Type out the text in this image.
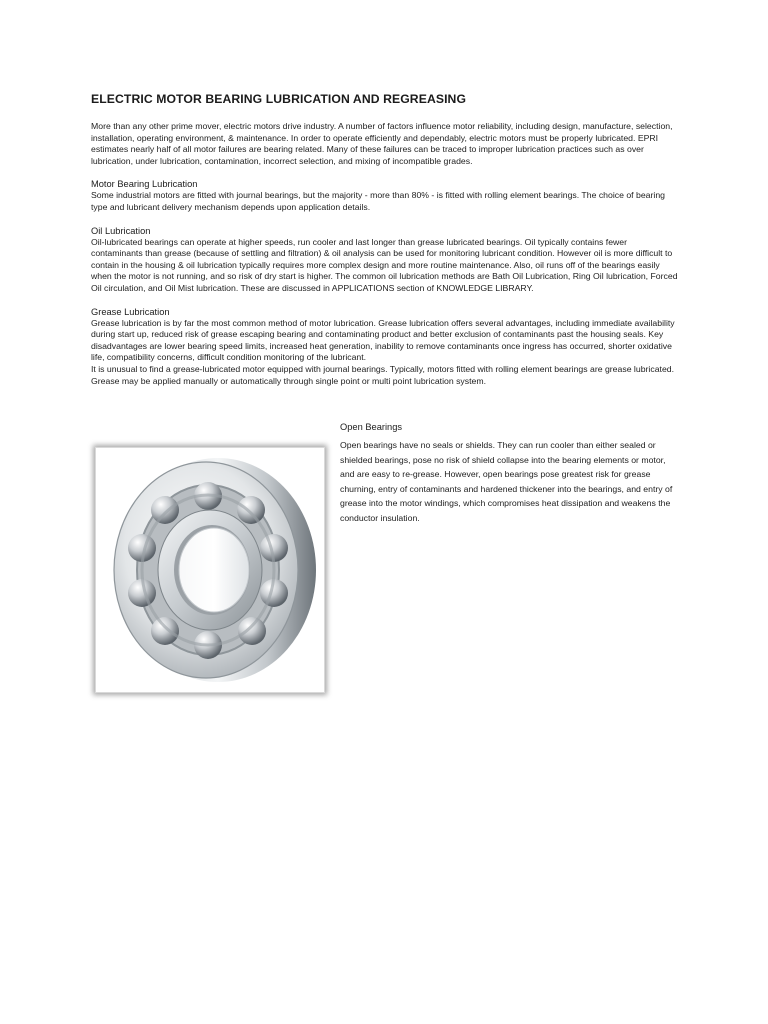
ELECTRIC MOTOR BEARING LUBRICATION AND REGREASING

More than any other prime mover, electric motors drive industry. A number of factors influence motor reliability, including design, manufacture, selection, installation, operating environment, & maintenance. In order to operate efficiently and dependably, electric motors must be properly lubricated. EPRI estimates nearly half of all motor failures are bearing related. Many of these failures can be traced to improper lubrication practices such as over lubrication, under lubrication, contamination, incorrect selection, and mixing of incompatible grades.

Motor Bearing Lubrication

Some industrial motors are fitted with journal bearings, but the majority - more than 80% - is fitted with rolling element bearings. The choice of bearing type and lubricant delivery mechanism depends upon application details.

Oil Lubrication

Oil-lubricated bearings can operate at higher speeds, run cooler and last longer than grease lubricated bearings. Oil typically contains fewer contaminants than grease (because of settling and filtration) & oil analysis can be used for monitoring lubricant condition. However oil is more difficult to contain in the housing & oil lubrication typically requires more complex design and more routine maintenance. Also, oil runs off of the bearings easily when the motor is not running, and so risk of dry start is higher. The common oil lubrication methods are Bath Oil Lubrication, Ring Oil lubrication, Forced Oil circulation, and Oil Mist lubrication. These are discussed in APPLICATIONS section of KNOWLEDGE LIBRARY.

Grease Lubrication

Grease lubrication is by far the most common method of motor lubrication. Grease lubrication offers several advantages, including immediate availability during start up, reduced risk of grease escaping bearing and contaminating product and better exclusion of contaminants past the housing seals. Key disadvantages are lower bearing speed limits, increased heat generation, inability to remove contaminants once ingress has occurred, shorter oxidative life, compatibility concerns, difficult condition monitoring of the lubricant.

It is unusual to find a grease-lubricated motor equipped with journal bearings. Typically, motors fitted with rolling element bearings are grease lubricated. Grease may be applied manually or automatically through single point or multi point lubrication system.

Open Bearings

Open bearings have no seals or shields. They can run cooler than either sealed or shielded bearings, pose no risk of shield collapse into the bearing elements or motor, and are easy to re-grease. However, open bearings pose greatest risk for grease churning, entry of contaminants and hardened thickener into the bearings, and entry of grease into the motor windings, which compromises heat dissipation and weakens the conductor insulation.
